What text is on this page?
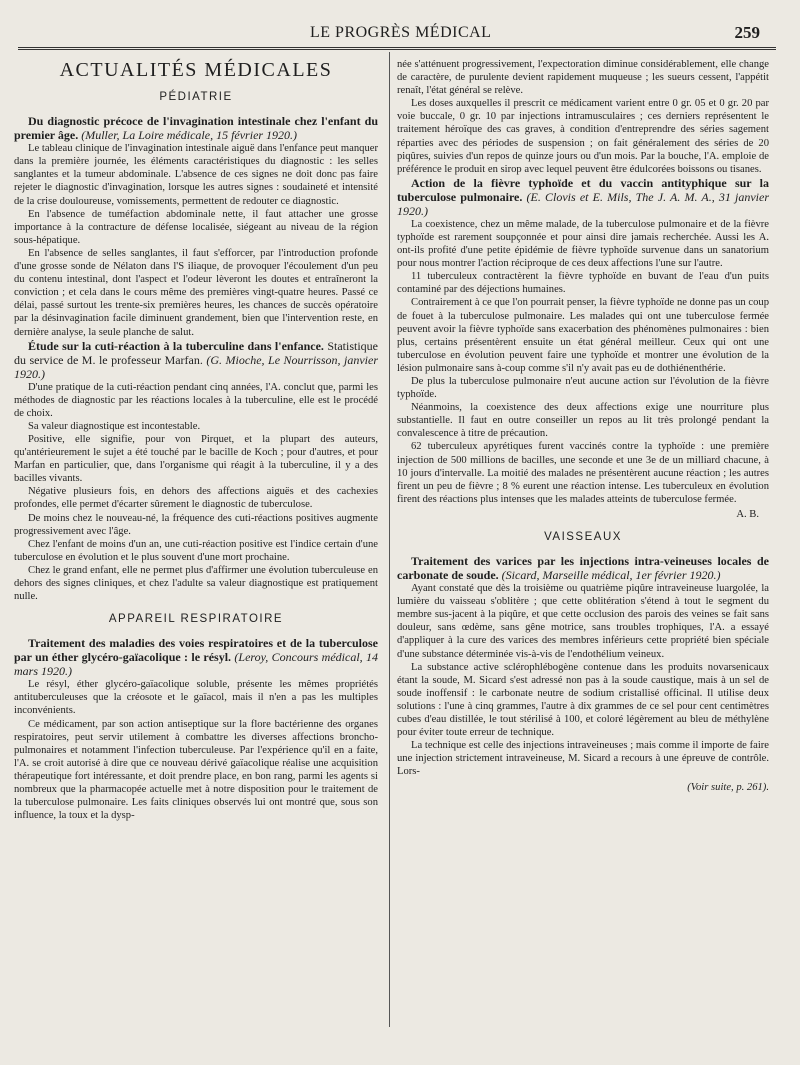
LE PROGRÈS MÉDICAL	259
ACTUALITÉS MÉDICALES
PÉDIATRIE

Du diagnostic précoce de l'invagination intestinale chez l'enfant du premier âge. (Muller, La Loire médicale, 15 février 1920.)

Le tableau clinique de l'invagination intestinale aiguë dans l'enfance peut manquer dans la première journée, les éléments caractéristiques du diagnostic : les selles sanglantes et la tumeur abdominale. L'absence de ces signes ne doit donc pas faire rejeter le diagnostic d'invagination, lorsque les autres signes : soudaineté et intensité de la crise douloureuse, vomissements, permettent de redouter ce diagnostic.

En l'absence de tuméfaction abdominale nette, il faut attacher une grosse importance à la contracture de défense localisée, siégeant au niveau de la région sous-hépatique.

En l'absence de selles sanglantes, il faut s'efforcer, par l'introduction profonde d'une grosse sonde de Nélaton dans l'S iliaque, de provoquer l'écoulement d'un peu du contenu intestinal, dont l'aspect et l'odeur lèveront les doutes et entraîneront la conviction ; et cela dans le cours même des premières vingt-quatre heures. Passé ce délai, passé surtout les trente-six premières heures, les chances de succès opératoire par la désinvagination facile diminuent grandement, bien que l'intervention reste, en dernière analyse, la seule planche de salut.

Étude sur la cuti-réaction à la tuberculine dans l'enfance. Statistique du service de M. le professeur Marfan. (G. Mioche, Le Nourrisson, janvier 1920.)

D'une pratique de la cuti-réaction pendant cinq années, l'A. conclut que, parmi les méthodes de diagnostic par les réactions locales à la tuberculine, elle est le procédé de choix.

Sa valeur diagnostique est incontestable.

Positive, elle signifie, pour von Pirquet, et la plupart des auteurs, qu'antérieurement le sujet a été touché par le bacille de Koch ; pour d'autres, et pour Marfan en particulier, que, dans l'organisme qui réagit à la tuberculine, il y a des bacilles vivants.

Négative plusieurs fois, en dehors des affections aiguës et des cachexies profondes, elle permet d'écarter sûrement le diagnostic de tuberculose.

De moins chez le nouveau-né, la fréquence des cuti-réactions positives augmente progressivement avec l'âge.

Chez l'enfant de moins d'un an, une cuti-réaction positive est l'indice certain d'une tuberculose en évolution et le plus souvent d'une mort prochaine.

Chez le grand enfant, elle ne permet plus d'affirmer une évolution tuberculeuse en dehors des signes cliniques, et chez l'adulte sa valeur diagnostique est pratiquement nulle.

APPAREIL RESPIRATOIRE

Traitement des maladies des voies respiratoires et de la tuberculose par un éther glycéro-gaïacolique : le résyl. (Leroy, Concours médical, 14 mars 1920.)

Le résyl, éther glycéro-gaïacolique soluble, présente les mêmes propriétés antituberculeuses que la créosote et le gaïacol, mais il n'en a pas les multiples inconvénients.

Ce médicament, par son action antiseptique sur la flore bactérienne des organes respiratoires, peut servir utilement à combattre les diverses affections broncho-pulmonaires et notamment l'infection tuberculeuse. Par l'expérience qu'il en a faite, l'A. se croit autorisé à dire que ce nouveau dérivé gaïacolique réalise une acquisition thérapeutique fort intéressante, et doit prendre place, en bon rang, parmi les agents si nombreux que la pharmacopée actuelle met à notre disposition pour le traitement de la tuberculose pulmonaire. Les faits cliniques observés lui ont montré que, sous son influence, la toux et la dysp-

née s'atténuent progressivement, l'expectoration diminue considérablement, elle change de caractère, de purulente devient rapidement muqueuse ; les sueurs cessent, l'appétit renaît, l'état général se relève.

Les doses auxquelles il prescrit ce médicament varient entre 0 gr. 05 et 0 gr. 20 par voie buccale, 0 gr. 10 par injections intramusculaires ; ces derniers représentent le traitement héroïque des cas graves, à condition d'entreprendre des séries sagement réparties avec des périodes de suspension ; on fait généralement des séries de 20 piqûres, suivies d'un repos de quinze jours ou d'un mois. Par la bouche, l'A. emploie de préférence le produit en sirop avec lequel peuvent être édulcorées boissons ou tisanes.

Action de la fièvre typhoïde et du vaccin antityphique sur la tuberculose pulmonaire. (E. Clovis et E. Mils, The J. A. M. A., 31 janvier 1920.)

La coexistence, chez un même malade, de la tuberculose pulmonaire et de la fièvre typhoïde est rarement soupçonnée et pour ainsi dire jamais recherchée. Aussi les A. ont-ils profité d'une petite épidémie de fièvre typhoïde survenue dans un sanatorium pour nous montrer l'action réciproque de ces deux affections l'une sur l'autre.

11 tuberculeux contractèrent la fièvre typhoïde en buvant de l'eau d'un puits contaminé par des déjections humaines.

Contrairement à ce que l'on pourrait penser, la fièvre typhoïde ne donne pas un coup de fouet à la tuberculose pulmonaire. Les malades qui ont une tuberculose fermée peuvent avoir la fièvre typhoïde sans exacerbation des phénomènes pulmonaires : bien plus, certains présentèrent ensuite un état général meilleur. Ceux qui ont une tuberculose en évolution peuvent faire une typhoïde et montrer une évolution de la lésion pulmonaire sans à-coup comme s'il n'y avait pas eu de dothiénenthérie.

De plus la tuberculose pulmonaire n'eut aucune action sur l'évolution de la fièvre typhoïde.

Néanmoins, la coexistence des deux affections exige une nourriture plus substantielle. Il faut en outre conseiller un repos au lit très prolongé pendant la convalescence à titre de précaution.

62 tuberculeux apyrétiques furent vaccinés contre la typhoïde : une première injection de 500 millions de bacilles, une seconde et une 3e de un milliard chacune, à 10 jours d'intervalle. La moitié des malades ne présentèrent aucune réaction ; les autres firent un peu de fièvre ; 8 % eurent une réaction intense. Les tuberculeux en évolution firent des réactions plus intenses que les malades atteints de tuberculose fermée.

A. B.
VAISSEAUX

Traitement des varices par les injections intra-veineuses locales de carbonate de soude. (Sicard, Marseille médical, 1er février 1920.)

Ayant constaté que dès la troisième ou quatrième piqûre intraveineuse luargolée, la lumière du vaisseau s'oblitère ; que cette oblitération s'étend à tout le segment du membre sus-jacent à la piqûre, et que cette occlusion des parois des veines se fait sans douleur, sans œdème, sans gêne motrice, sans troubles trophiques, l'A. a essayé d'appliquer à la cure des varices des membres inférieurs cette propriété bien spéciale d'une substance déterminée vis-à-vis de l'endothélium veineux.

La substance active sclérophlébogène contenue dans les produits novarsenicaux étant la soude, M. Sicard s'est adressé non pas à la soude caustique, mais à un sel de soude inoffensif : le carbonate neutre de sodium cristallisé officinal. Il utilise deux solutions : l'une à cinq grammes, l'autre à dix grammes de ce sel pour cent centimètres cubes d'eau distillée, le tout stérilisé à 100, et coloré légèrement au bleu de méthylène pour éviter toute erreur de technique.

La technique est celle des injections intraveineuses ; mais comme il importe de faire une injection strictement intraveineuse, M. Sicard a recours à une épreuve de contrôle. Lors-

(Voir suite, p. 261).
